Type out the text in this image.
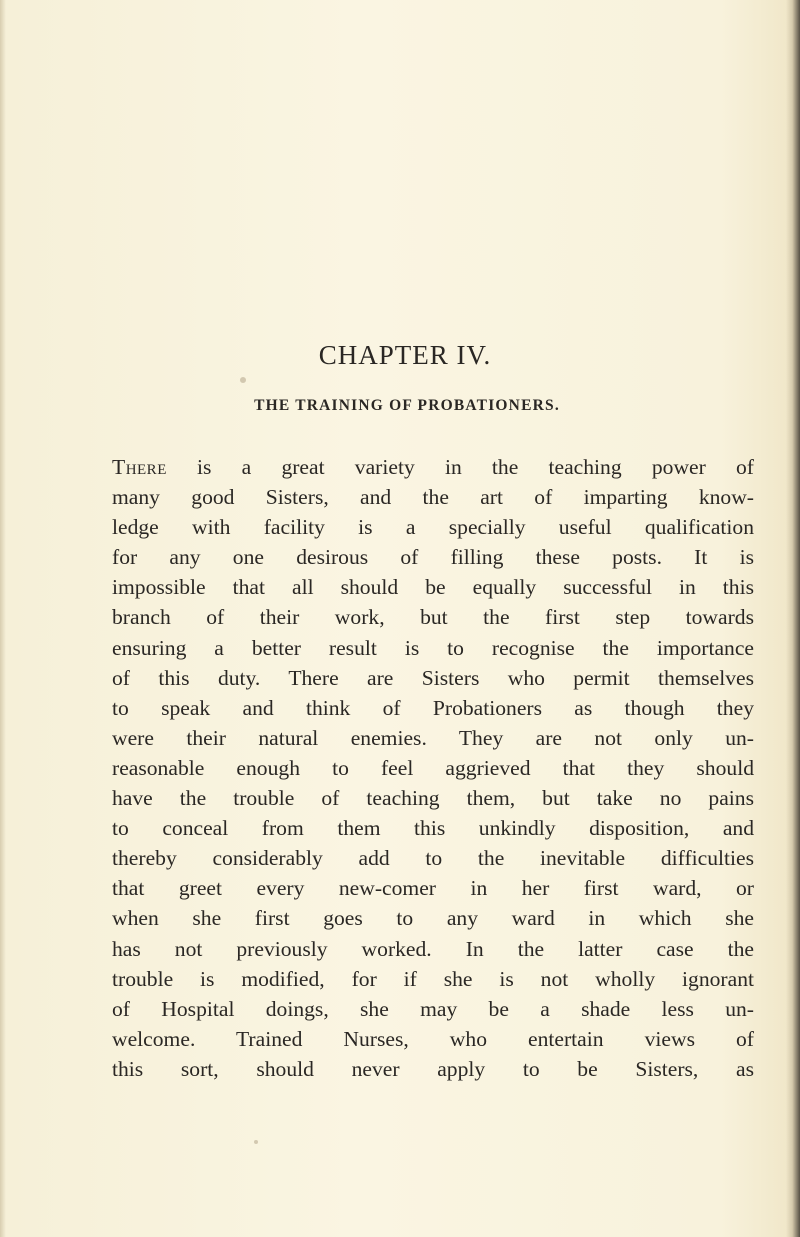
CHAPTER IV.
THE TRAINING OF PROBATIONERS.
There is a great variety in the teaching power of
many good Sisters, and the art of imparting know-
ledge with facility is a specially useful qualification
for any one desirous of filling these posts. It is
impossible that all should be equally successful in this
branch of their work, but the first step towards
ensuring a better result is to recognise the importance
of this duty. There are Sisters who permit themselves
to speak and think of Probationers as though they
were their natural enemies. They are not only un-
reasonable enough to feel aggrieved that they should
have the trouble of teaching them, but take no pains
to conceal from them this unkindly disposition, and
thereby considerably add to the inevitable difficulties
that greet every new-comer in her first ward, or
when she first goes to any ward in which she
has not previously worked. In the latter case the
trouble is modified, for if she is not wholly ignorant
of Hospital doings, she may be a shade less un-
welcome. Trained Nurses, who entertain views of
this sort, should never apply to be Sisters, as
